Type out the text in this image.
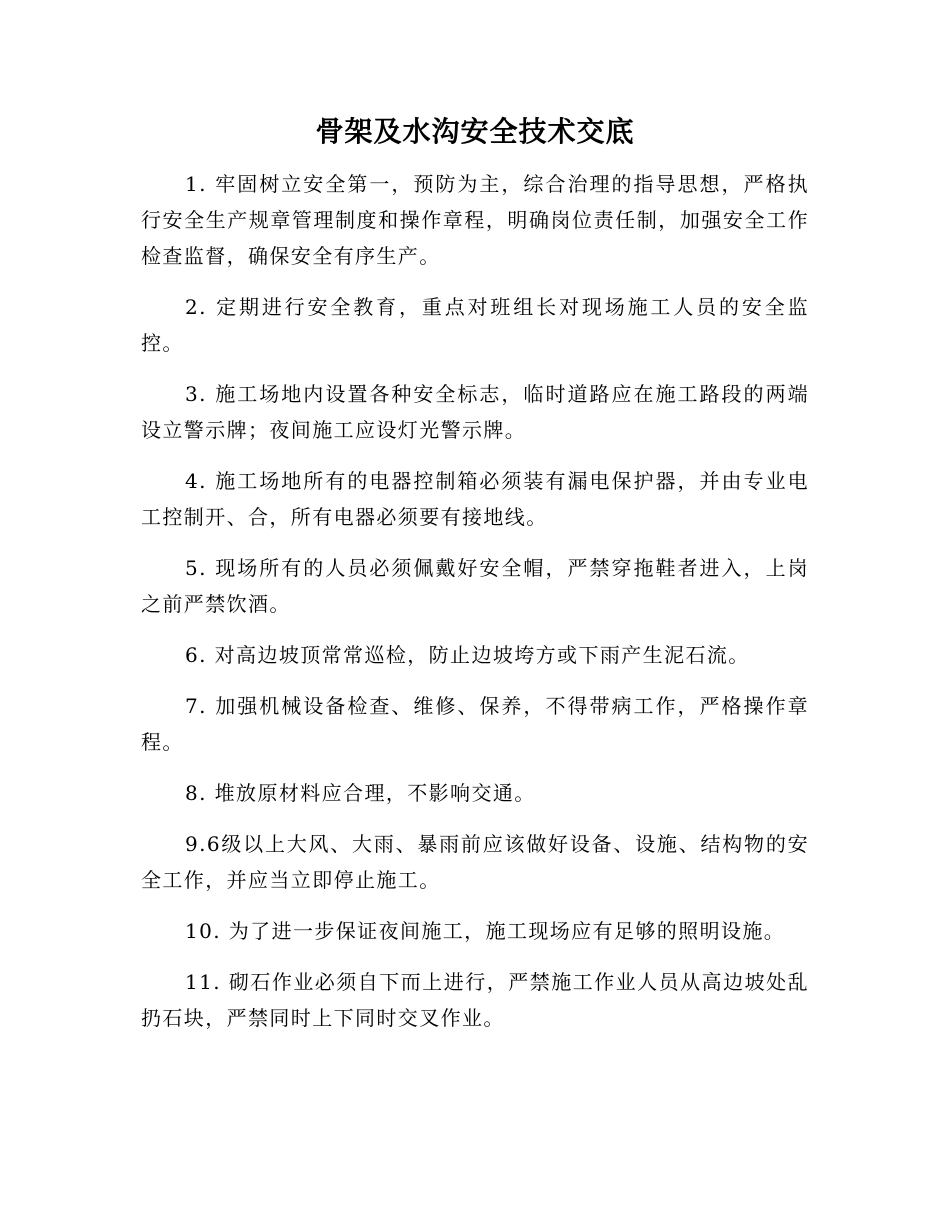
骨架及水沟安全技术交底

1. 牢固树立安全第一，预防为主，综合治理的指导思想，严格执行安全生产规章管理制度和操作章程，明确岗位责任制，加强安全工作检查监督，确保安全有序生产。

2. 定期进行安全教育，重点对班组长对现场施工人员的安全监控。

3. 施工场地内设置各种安全标志，临时道路应在施工路段的两端设立警示牌；夜间施工应设灯光警示牌。

4. 施工场地所有的电器控制箱必须装有漏电保护器，并由专业电工控制开、合，所有电器必须要有接地线。

5. 现场所有的人员必须佩戴好安全帽，严禁穿拖鞋者进入，上岗之前严禁饮酒。

6. 对高边坡顶常常巡检，防止边坡垮方或下雨产生泥石流。

7. 加强机械设备检查、维修、保养，不得带病工作，严格操作章程。

8. 堆放原材料应合理，不影响交通。

9.6级以上大风、大雨、暴雨前应该做好设备、设施、结构物的安全工作，并应当立即停止施工。

10. 为了进一步保证夜间施工，施工现场应有足够的照明设施。

11. 砌石作业必须自下而上进行，严禁施工作业人员从高边坡处乱扔石块，严禁同时上下同时交叉作业。
